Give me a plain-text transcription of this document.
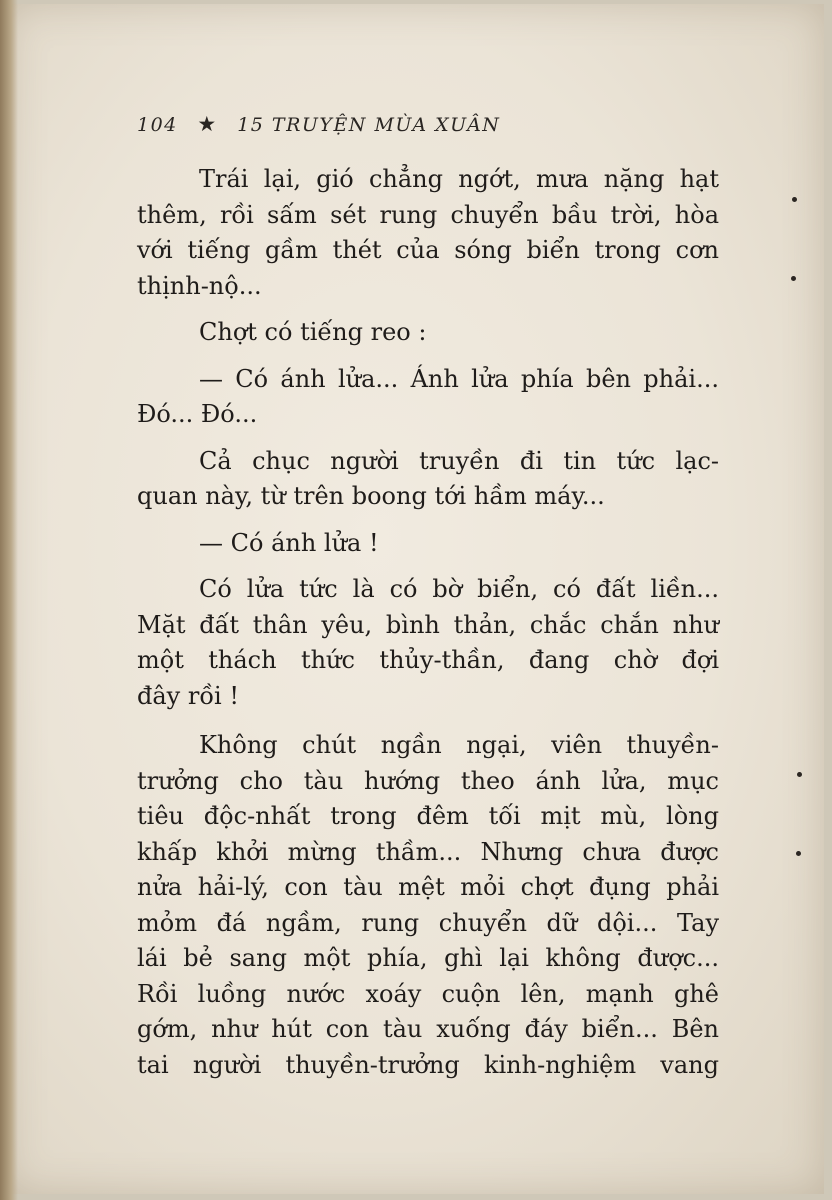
104 ★ 15 TRUYỆN MÙA XUÂN
Trái lại, gió chẳng ngớt, mưa nặng hạt
thêm, rồi sấm sét rung chuyển bầu trời, hòa
với tiếng gầm thét của sóng biển trong cơn
thịnh-nộ...
Chợt có tiếng reo :
— Có ánh lửa... Ánh lửa phía bên phải...
Đó... Đó...
Cả chục người truyền đi tin tức lạc-
quan này, từ trên boong tới hầm máy...
— Có ánh lửa !
Có lửa tức là có bờ biển, có đất liền...
Mặt đất thân yêu, bình thản, chắc chắn như
một thách thức thủy-thần, đang chờ đợi
đây rồi !
Không chút ngần ngại, viên thuyền-
trưởng cho tàu hướng theo ánh lửa, mục
tiêu độc-nhất trong đêm tối mịt mù, lòng
khấp khởi mừng thầm... Nhưng chưa được
nửa hải-lý, con tàu mệt mỏi chợt đụng phải
mỏm đá ngầm, rung chuyển dữ dội... Tay
lái bẻ sang một phía, ghì lại không được...
Rồi luồng nước xoáy cuộn lên, mạnh ghê
gớm, như hút con tàu xuống đáy biển... Bên
tai người thuyền-trưởng kinh-nghiệm vang
